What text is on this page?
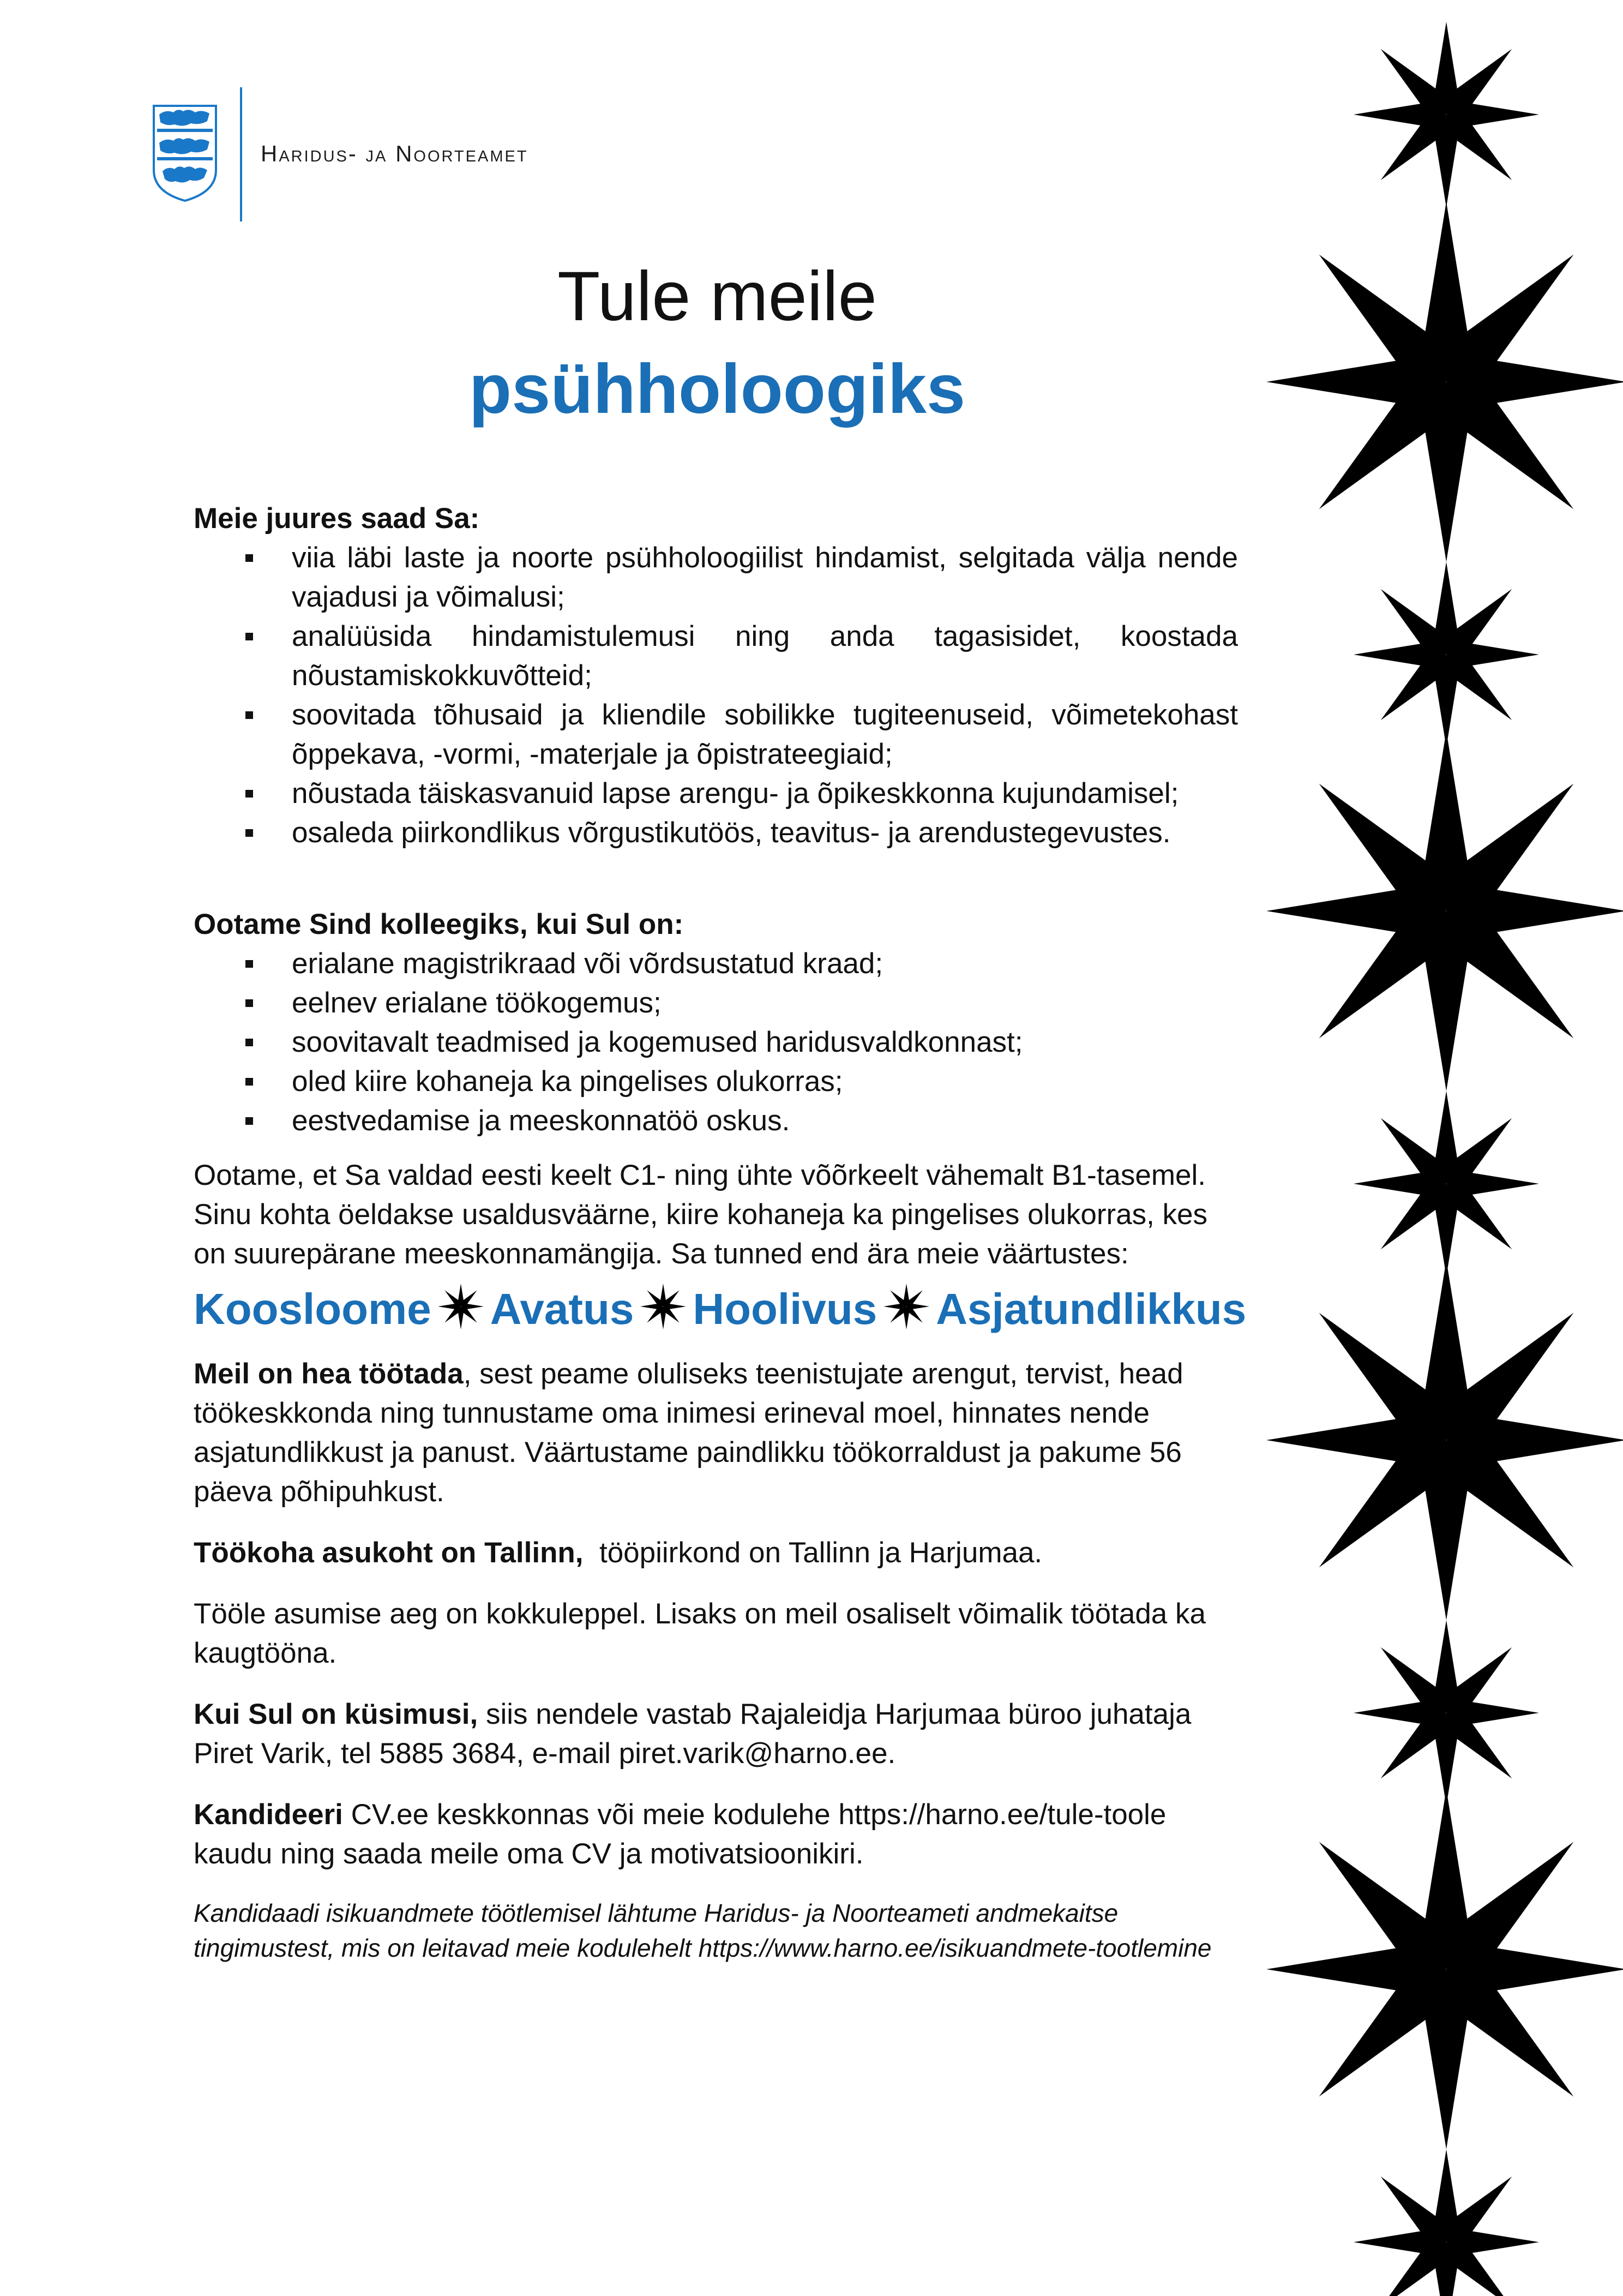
Haridus- ja Noorteamet
Tule meile
psühholoogiks

Meie juures saad Sa:

viia läbi laste ja noorte psühholoogiilist hindamist, selgitada välja nende vajadusi ja võimalusi;
analüüsida hindamistulemusi ning anda tagasisidet, koostada nõustamiskokkuvõtteid;
soovitada tõhusaid ja kliendile sobilikke tugiteenuseid, võimetekohast õppekava, -vormi, -materjale ja õpistrateegiaid;
nõustada täiskasvanuid lapse arengu- ja õpikeskkonna kujundamisel;
osaleda piirkondlikus võrgustikutöös, teavitus- ja arendustegevustes.

Ootame Sind kolleegiks, kui Sul on:

erialane magistrikraad või võrdsustatud kraad;
eelnev erialane töökogemus;
soovitavalt teadmised ja kogemused haridusvaldkonnast;
oled kiire kohaneja ka pingelises olukorras;
eestvedamise ja meeskonnatöö oskus.

Ootame, et Sa valdad eesti keelt C1- ning ühte võõrkeelt vähemalt B1-tasemel. Sinu kohta öeldakse usaldusväärne, kiire kohaneja ka pingelises olukorras, kes on suurepärane meeskonnamängija. Sa tunned end ära meie väärtustes:

Koosloome Avatus Hoolivus Asjatundlikkus

Meil on hea töötada, sest peame oluliseks teenistujate arengut, tervist, head töökeskkonda ning tunnustame oma inimesi erineval moel, hinnates nende asjatundlikkust ja panust. Väärtustame paindlikku töökorraldust ja pakume 56 päeva põhipuhkust.

Töökoha asukoht on Tallinn,  tööpiirkond on Tallinn ja Harjumaa.

Tööle asumise aeg on kokkuleppel. Lisaks on meil osaliselt võimalik töötada ka kaugtööna.

Kui Sul on küsimusi, siis nendele vastab Rajaleidja Harjumaa büroo juhataja Piret Varik, tel 5885 3684, e-mail piret.varik@harno.ee.

Kandideeri CV.ee keskkonnas või meie kodulehe https://harno.ee/tule-toole kaudu ning saada meile oma CV ja motivatsioonikiri.

Kandidaadi isikuandmete töötlemisel lähtume Haridus- ja Noorteameti andmekaitse tingimustest, mis on leitavad meie kodulehelt https://www.harno.ee/isikuandmete-tootlemine
